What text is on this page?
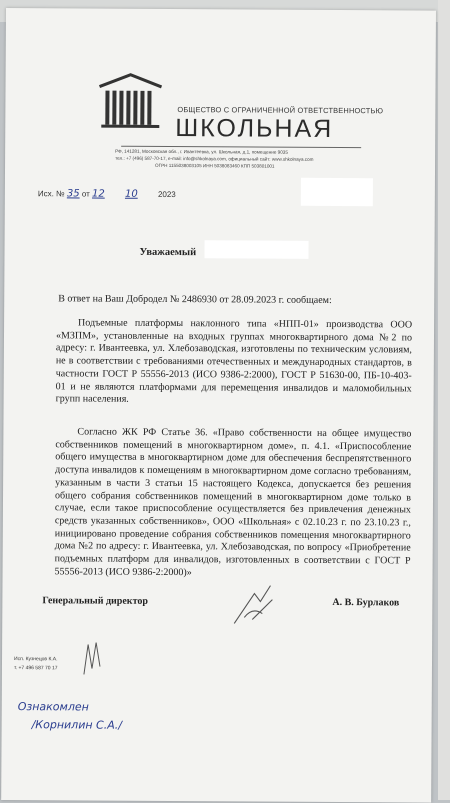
ОБЩЕСТВО С ОГРАНИЧЕННОЙ ОТВЕТСТВЕННОСТЬЮ
ШКОЛЬНАЯ
РФ, 141281, Московская обл., г. Ивантеевка, ул. Школьная, д.1, помещение 9035
тел.: +7 (496) 587-70-17, e-mail: info@shkolnaya.com, официальный сайт: www.shkolnaya.com
ОГРН 1155038003105 ИНН 5038083460 КПП 503801001
Исх. № 35 от 12 10	2023
Уважаемый
В ответ на Ваш Добродел № 2486930 от 28.09.2023 г. сообщаем:
Подъемные платформы наклонного типа «НПП-01» производства ООО «МЗПМ», установленные на входных группах многоквартирного дома №2 по адресу: г. Ивантеевка, ул. Хлебозаводская, изготовлены по техническим условиям, не в соответствии с требованиями отечественных и международных стандартов, в частности ГОСТ Р 55556-2013 (ИСО 9386-2:2000), ГОСТ Р 51630-00, ПБ-10-403-01 и не являются платформами для перемещения инвалидов и маломобильных групп населения.
Согласно ЖК РФ Статье 36. «Право собственности на общее имущество собственников помещений в многоквартирном доме», п. 4.1. «Приспособление общего имущества в многоквартирном доме для обеспечения беспрепятственного доступа инвалидов к помещениям в многоквартирном доме согласно требованиям, указанным в части 3 статьи 15 настоящего Кодекса, допускается без решения общего собрания собственников помещений в многоквартирном доме только в случае, если такое приспособление осуществляется без привлечения денежных средств указанных собственников», ООО «Школьная» с 02.10.23 г. по 23.10.23 г., инициировано проведение собрания собственников помещения многоквартирного дома №2 по адресу: г. Ивантеевка, ул. Хлебозаводская, по вопросу «Приобретение подъемных платформ для инвалидов, изготовленных в соответствии с ГОСТ Р 55556-2013 (ИСО 9386-2:2000)»
Генеральный директор	А. В. Бурлаков
Исп. Кузнецов К.А.
т. +7 496 587 70 17
Ознакомлен
/Корнилин С.А./
